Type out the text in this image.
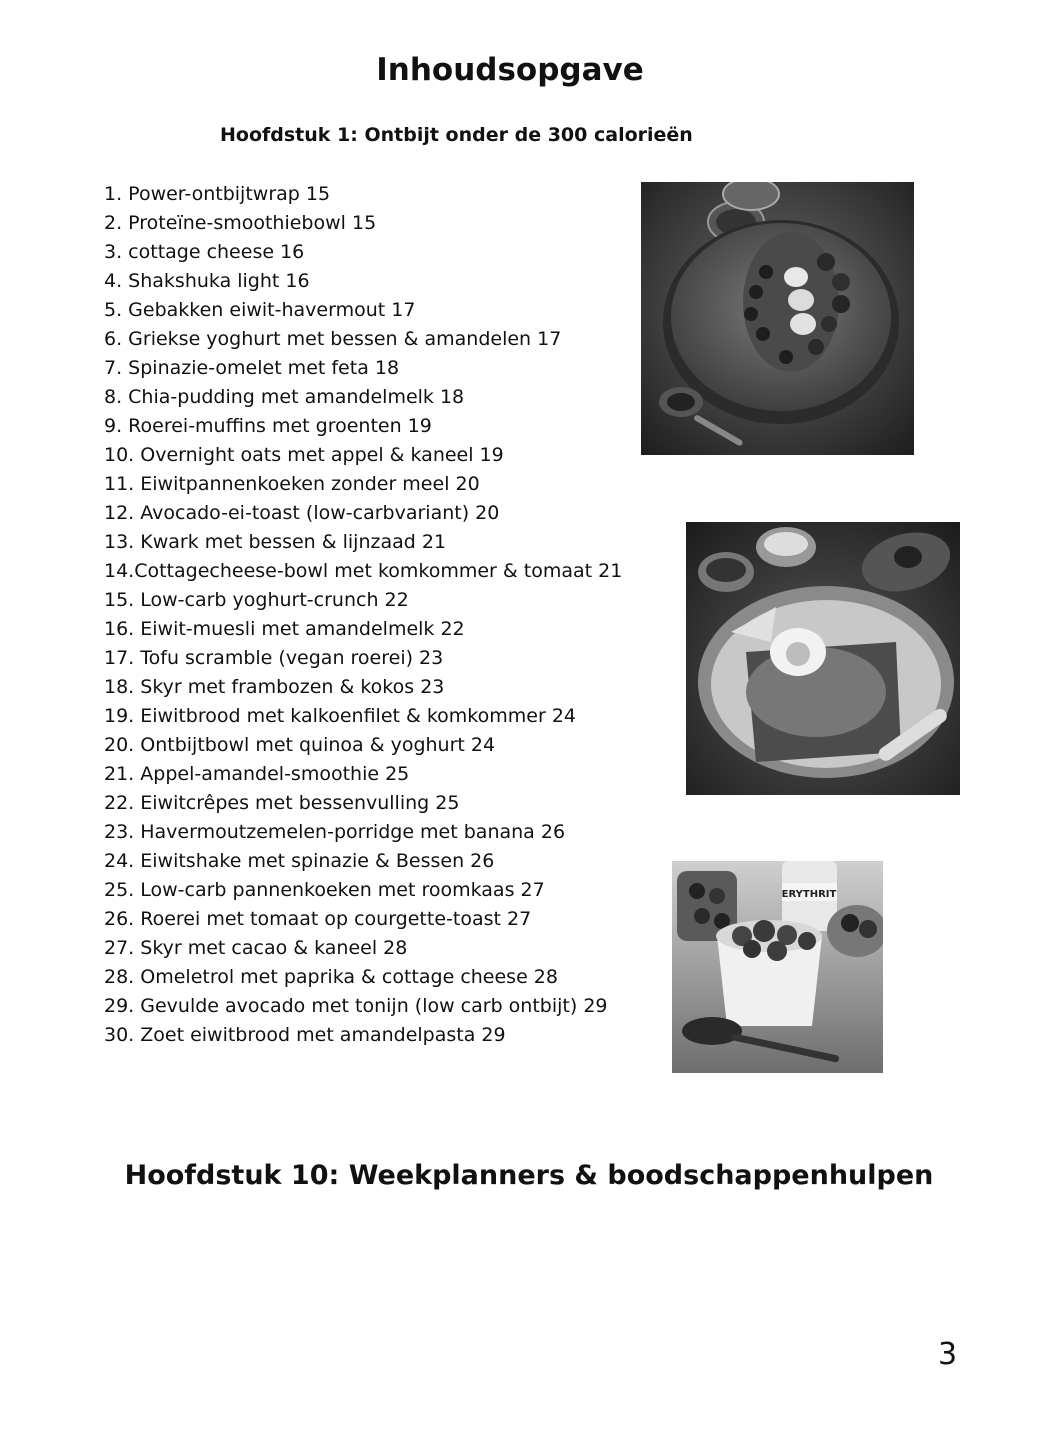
Inhoudsopgave
Hoofdstuk 1: Ontbijt onder de 300 calorieën
1. Power-ontbijtwrap 15
2. Proteïne-smoothiebowl 15
3. cottage cheese 16
4. Shakshuka light 16
5. Gebakken eiwit-havermout 17
6. Griekse yoghurt met bessen & amandelen 17
7. Spinazie-omelet met feta 18
8. Chia-pudding met amandelmelk 18
9. Roerei-muffins met groenten 19
10. Overnight oats met appel & kaneel 19
11. Eiwitpannenkoeken zonder meel 20
12. Avocado-ei-toast (low-carbvariant) 20
13. Kwark met bessen & lijnzaad 21
14.Cottagecheese-bowl met komkommer & tomaat 21
15. Low-carb yoghurt-crunch 22
16. Eiwit-muesli met amandelmelk 22
17. Tofu scramble (vegan roerei) 23
18. Skyr met frambozen & kokos 23
19. Eiwitbrood met kalkoenfilet & komkommer 24
20. Ontbijtbowl met quinoa & yoghurt 24
21. Appel-amandel-smoothie 25
22. Eiwitcrêpes met bessenvulling 25
23. Havermoutzemelen-porridge met banana 26
24. Eiwitshake met spinazie & Bessen 26
25. Low-carb pannenkoeken met roomkaas 27
26. Roerei met tomaat op courgette-toast 27
27. Skyr met cacao & kaneel 28
28. Omeletrol met paprika & cottage cheese 28
29. Gevulde avocado met tonijn (low carb ontbijt) 29
30. Zoet eiwitbrood met amandelpasta 29
Hoofdstuk 10: Weekplanners & boodschappenhulpen
3
ERYTHRIT
